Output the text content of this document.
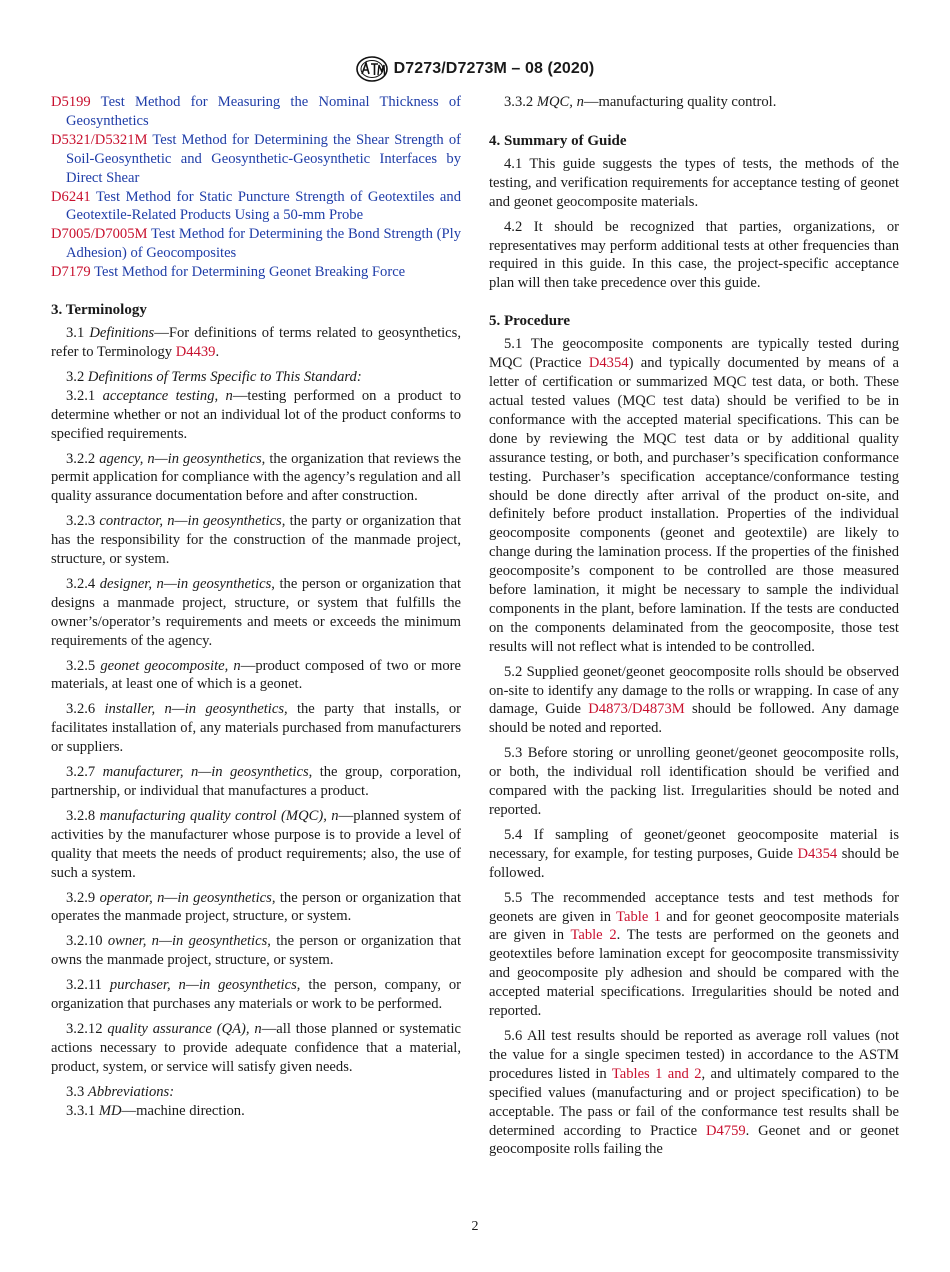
D7273/D7273M – 08 (2020)
D5199 Test Method for Measuring the Nominal Thickness of Geosynthetics
D5321/D5321M Test Method for Determining the Shear Strength of Soil-Geosynthetic and Geosynthetic-Geosynthetic Interfaces by Direct Shear
D6241 Test Method for Static Puncture Strength of Geotextiles and Geotextile-Related Products Using a 50-mm Probe
D7005/D7005M Test Method for Determining the Bond Strength (Ply Adhesion) of Geocomposites
D7179 Test Method for Determining Geonet Breaking Force
3. Terminology

3.1 Definitions—For definitions of terms related to geosynthetics, refer to Terminology D4439.

3.2 Definitions of Terms Specific to This Standard:

3.2.1 acceptance testing, n—testing performed on a product to determine whether or not an individual lot of the product conforms to specified requirements.

3.2.2 agency, n—in geosynthetics, the organization that reviews the permit application for compliance with the agency’s regulation and all quality assurance documentation before and after construction.

3.2.3 contractor, n—in geosynthetics, the party or organization that has the responsibility for the construction of the manmade project, structure, or system.

3.2.4 designer, n—in geosynthetics, the person or organization that designs a manmade project, structure, or system that fulfills the owner’s/operator’s requirements and meets or exceeds the minimum requirements of the agency.

3.2.5 geonet geocomposite, n—product composed of two or more materials, at least one of which is a geonet.

3.2.6 installer, n—in geosynthetics, the party that installs, or facilitates installation of, any materials purchased from manufacturers or suppliers.

3.2.7 manufacturer, n—in geosynthetics, the group, corporation, partnership, or individual that manufactures a product.

3.2.8 manufacturing quality control (MQC), n—planned system of activities by the manufacturer whose purpose is to provide a level of quality that meets the needs of product requirements; also, the use of such a system.

3.2.9 operator, n—in geosynthetics, the person or organization that operates the manmade project, structure, or system.

3.2.10 owner, n—in geosynthetics, the person or organization that owns the manmade project, structure, or system.

3.2.11 purchaser, n—in geosynthetics, the person, company, or organization that purchases any materials or work to be performed.

3.2.12 quality assurance (QA), n—all those planned or systematic actions necessary to provide adequate confidence that a material, product, system, or service will satisfy given needs.

3.3 Abbreviations:

3.3.1 MD—machine direction.

3.3.2 MQC, n—manufacturing quality control.

4. Summary of Guide

4.1 This guide suggests the types of tests, the methods of the testing, and verification requirements for acceptance testing of geonet and geonet geocomposite materials.

4.2 It should be recognized that parties, organizations, or representatives may perform additional tests at other frequencies than required in this guide. In this case, the project-specific acceptance plan will then take precedence over this guide.

5. Procedure

5.1 The geocomposite components are typically tested during MQC (Practice D4354) and typically documented by means of a letter of certification or summarized MQC test data, or both. These actual tested values (MQC test data) should be verified to be in conformance with the accepted material specifications. This can be done by reviewing the MQC test data or by additional quality assurance testing, or both, and purchaser’s specification conformance testing. Purchaser’s specification acceptance/conformance testing should be done directly after arrival of the product on-site, and definitely before product installation. Properties of the individual geocomposite components (geonet and geotextile) are likely to change during the lamination process. If the properties of the finished geocomposite’s component to be controlled are those measured before lamination, it might be necessary to sample the individual components in the plant, before lamination. If the tests are conducted on the components delaminated from the geocomposite, those test results will not reflect what is intended to be controlled.

5.2 Supplied geonet/geonet geocomposite rolls should be observed on-site to identify any damage to the rolls or wrapping. In case of any damage, Guide D4873/D4873M should be followed. Any damage should be noted and reported.

5.3 Before storing or unrolling geonet/geonet geocomposite rolls, or both, the individual roll identification should be verified and compared with the packing list. Irregularities should be noted and reported.

5.4 If sampling of geonet/geonet geocomposite material is necessary, for example, for testing purposes, Guide D4354 should be followed.

5.5 The recommended acceptance tests and test methods for geonets are given in Table 1 and for geonet geocomposite materials are given in Table 2. The tests are performed on the geonets and geotextiles before lamination except for geocomposite transmissivity and geocomposite ply adhesion and should be compared with the accepted material specifications. Irregularities should be noted and reported.

5.6 All test results should be reported as average roll values (not the value for a single specimen tested) in accordance to the ASTM procedures listed in Tables 1 and 2, and ultimately compared to the specified values (manufacturing and or project specification) to be acceptable. The pass or fail of the conformance test results shall be determined according to Practice D4759. Geonet and or geonet geocomposite rolls failing the

2
